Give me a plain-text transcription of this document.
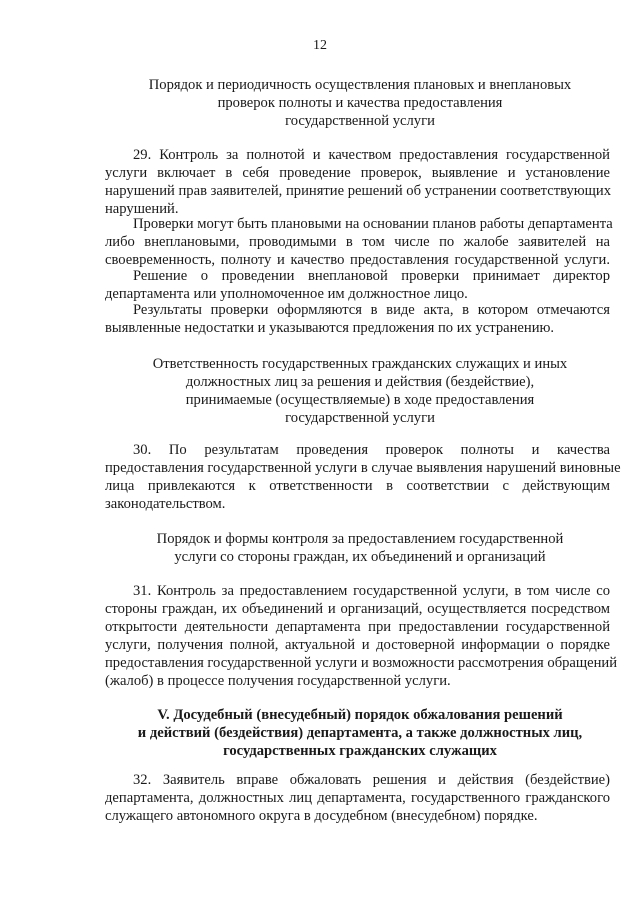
12
Порядок и периодичность осуществления плановых и внеплановых
проверок полноты и качества предоставления
государственной услуги
29. Контроль за полнотой и качеством предоставления государственной
услуги включает в себя проведение проверок, выявление и установление
нарушений прав заявителей, принятие решений об устранении соответствующих
нарушений.
Проверки могут быть плановыми на основании планов работы департамента
либо внеплановыми, проводимыми в том числе по жалобе заявителей на
своевременность, полноту и качество предоставления государственной услуги.
Решение о проведении внеплановой проверки принимает директор
департамента или уполномоченное им должностное лицо.
Результаты проверки оформляются в виде акта, в котором отмечаются
выявленные недостатки и указываются предложения по их устранению.
Ответственность государственных гражданских служащих и иных
должностных лиц за решения и действия (бездействие),
принимаемые (осуществляемые) в ходе предоставления
государственной услуги
30. По результатам проведения проверок полноты и качества
предоставления государственной услуги в случае выявления нарушений виновные
лица привлекаются к ответственности в соответствии с действующим
законодательством.
Порядок и формы контроля за предоставлением государственной
услуги со стороны граждан, их объединений и организаций
31. Контроль за предоставлением государственной услуги, в том числе со
стороны граждан, их объединений и организаций, осуществляется посредством
открытости деятельности департамента при предоставлении государственной
услуги, получения полной, актуальной и достоверной информации о порядке
предоставления государственной услуги и возможности рассмотрения обращений
(жалоб) в процессе получения государственной услуги.
V. Досудебный (внесудебный) порядок обжалования решений
и действий (бездействия) департамента, а также должностных лиц,
государственных гражданских служащих
32. Заявитель вправе обжаловать решения и действия (бездействие)
департамента, должностных лиц департамента, государственного гражданского
служащего автономного округа в досудебном (внесудебном) порядке.
